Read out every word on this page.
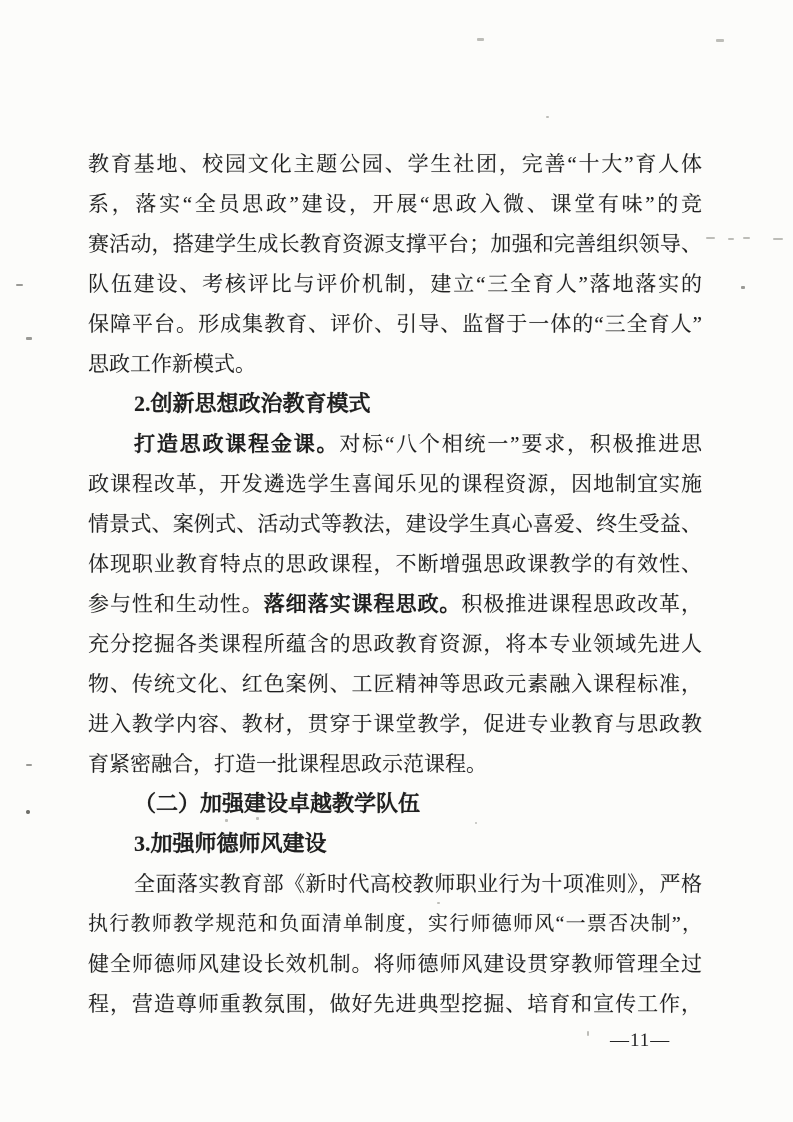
教育基地、校园文化主题公园、学生社团，完善“十大”育人体
系，落实“全员思政”建设，开展“思政入微、课堂有味”的竞
赛活动，搭建学生成长教育资源支撑平台；加强和完善组织领导、
队伍建设、考核评比与评价机制，建立“三全育人”落地落实的
保障平台。形成集教育、评价、引导、监督于一体的“三全育人”
思政工作新模式。
2.创新思想政治教育模式
打造思政课程金课。对标“八个相统一”要求，积极推进思
政课程改革，开发遴选学生喜闻乐见的课程资源，因地制宜实施
情景式、案例式、活动式等教法，建设学生真心喜爱、终生受益、
体现职业教育特点的思政课程，不断增强思政课教学的有效性、
参与性和生动性。落细落实课程思政。积极推进课程思政改革，
充分挖掘各类课程所蕴含的思政教育资源，将本专业领域先进人
物、传统文化、红色案例、工匠精神等思政元素融入课程标准，
进入教学内容、教材，贯穿于课堂教学，促进专业教育与思政教
育紧密融合，打造一批课程思政示范课程。
（二）加强建设卓越教学队伍
3.加强师德师风建设
全面落实教育部《新时代高校教师职业行为十项准则》，严格
执行教师教学规范和负面清单制度，实行师德师风“一票否决制”，
健全师德师风建设长效机制。将师德师风建设贯穿教师管理全过
程，营造尊师重教氛围，做好先进典型挖掘、培育和宣传工作，
—11—
